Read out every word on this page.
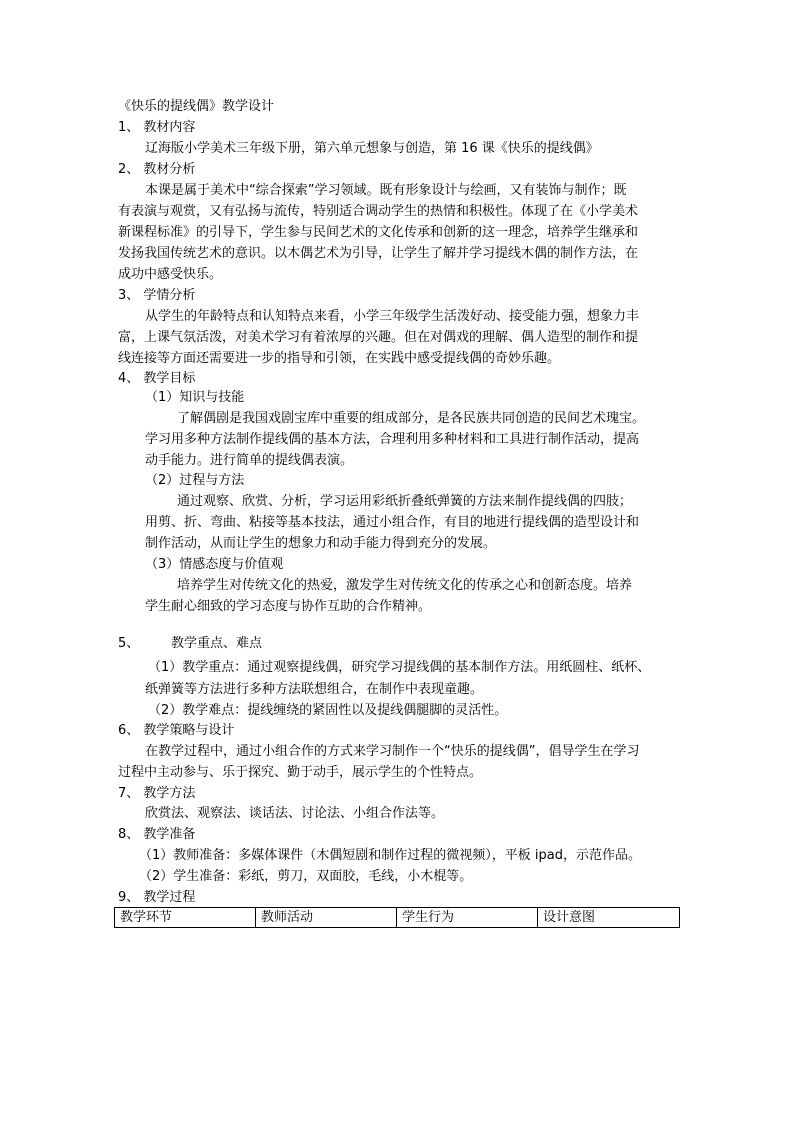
《快乐的提线偶》教学设计
1、 教材内容
辽海版小学美术三年级下册，第六单元想象与创造，第 16 课《快乐的提线偶》
2、 教材分析
本课是属于美术中“综合探索”学习领域。既有形象设计与绘画，又有装饰与制作；既
有表演与观赏，又有弘扬与流传，特别适合调动学生的热情和积极性。体现了在《小学美术
新课程标准》的引导下，学生参与民间艺术的文化传承和创新的这一理念，培养学生继承和
发扬我国传统艺术的意识。以木偶艺术为引导，让学生了解并学习提线木偶的制作方法，在
成功中感受快乐。
3、 学情分析
从学生的年龄特点和认知特点来看，小学三年级学生活泼好动、接受能力强，想象力丰
富，上课气氛活泼，对美术学习有着浓厚的兴趣。但在对偶戏的理解、偶人造型的制作和提
线连接等方面还需要进一步的指导和引领，在实践中感受提线偶的奇妙乐趣。
4、 教学目标
（1）知识与技能
了解偶剧是我国戏剧宝库中重要的组成部分，是各民族共同创造的民间艺术瑰宝。
学习用多种方法制作提线偶的基本方法，合理利用多种材料和工具进行制作活动，提高
动手能力。进行简单的提线偶表演。
（2）过程与方法
通过观察、欣赏、分析，学习运用彩纸折叠纸弹簧的方法来制作提线偶的四肢；
用剪、折、弯曲、粘接等基本技法，通过小组合作，有目的地进行提线偶的造型设计和
制作活动，从而让学生的想象力和动手能力得到充分的发展。
（3）情感态度与价值观
培养学生对传统文化的热爱，激发学生对传统文化的传承之心和创新态度。培养
学生耐心细致的学习态度与协作互助的合作精神。
5、 教学重点、难点
（1）教学重点：通过观察提线偶，研究学习提线偶的基本制作方法。用纸圆柱、纸杯、
纸弹簧等方法进行多种方法联想组合，在制作中表现童趣。
（2）教学难点：提线缠绕的紧固性以及提线偶腿脚的灵活性。
6、 教学策略与设计
在教学过程中，通过小组合作的方式来学习制作一个“快乐的提线偶”，倡导学生在学习
过程中主动参与、乐于探究、勤于动手，展示学生的个性特点。
7、 教学方法
欣赏法、观察法、谈话法、讨论法、小组合作法等。
8、 教学准备
（1）教师准备：多媒体课件（木偶短剧和制作过程的微视频），平板 ipad，示范作品。
（2）学生准备：彩纸，剪刀，双面胶，毛线，小木棍等。
9、 教学过程
教学环节	教师活动	学生行为	设计意图
